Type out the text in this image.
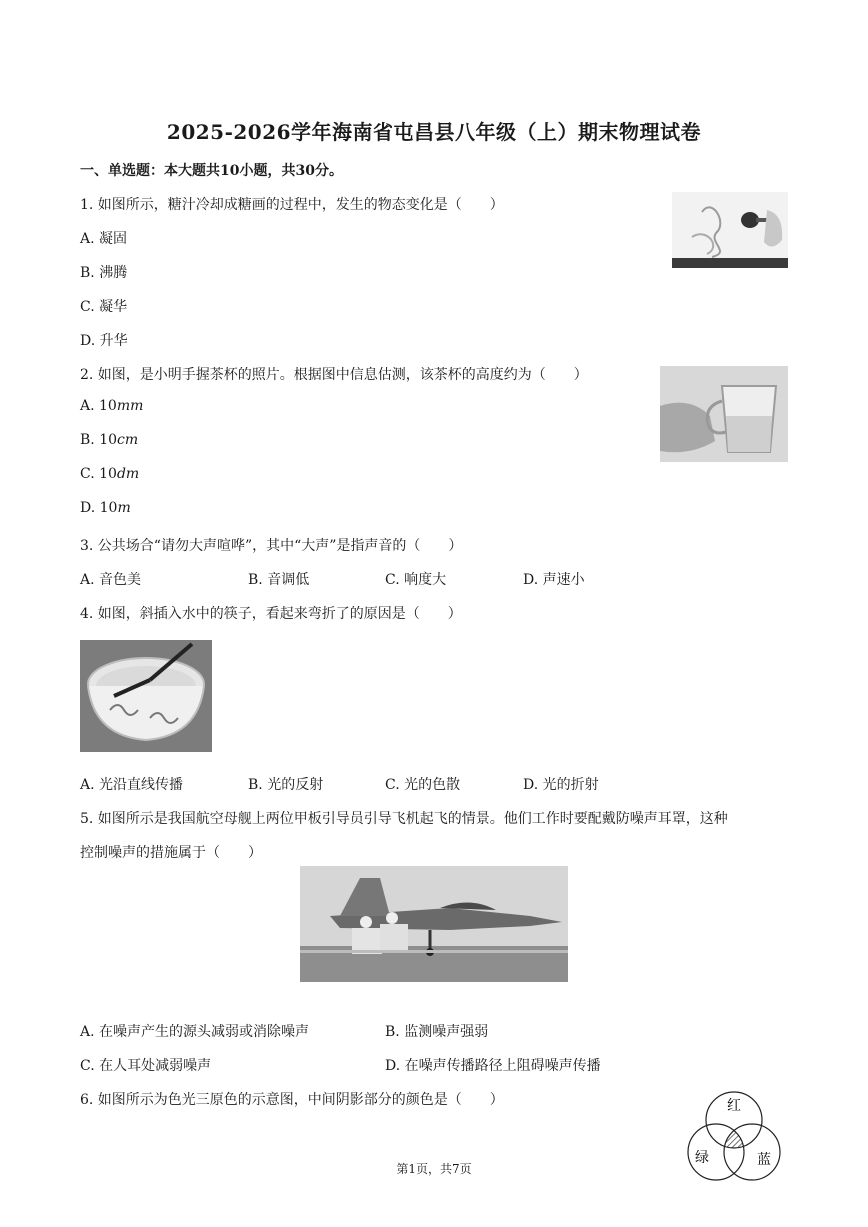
2025-2026学年海南省屯昌县八年级（上）期末物理试卷
一、单选题：本大题共10小题，共30分。
1. 如图所示，糖汁冷却成糖画的过程中，发生的物态变化是（　　）
A. 凝固
B. 沸腾
C. 凝华
D. 升华
2. 如图，是小明手握茶杯的照片。根据图中信息估测，该茶杯的高度约为（　　）
A. 10mm
B. 10cm
C. 10dm
D. 10m
3. 公共场合“请勿大声喧哗”，其中“大声”是指声音的（　　）
A. 音色美	B. 音调低	C. 响度大	D. 声速小
4. 如图，斜插入水中的筷子，看起来弯折了的原因是（　　）
A. 光沿直线传播	B. 光的反射	C. 光的色散	D. 光的折射
5. 如图所示是我国航空母舰上两位甲板引导员引导飞机起飞的情景。他们工作时要配戴防噪声耳罩，这种
控制噪声的措施属于（　　）
A. 在噪声产生的源头减弱或消除噪声	B. 监测噪声强弱
C. 在人耳处减弱噪声	D. 在噪声传播路径上阻碍噪声传播
6. 如图所示为色光三原色的示意图，中间阴影部分的颜色是（　　）	红
绿	蓝
第1页，共7页
